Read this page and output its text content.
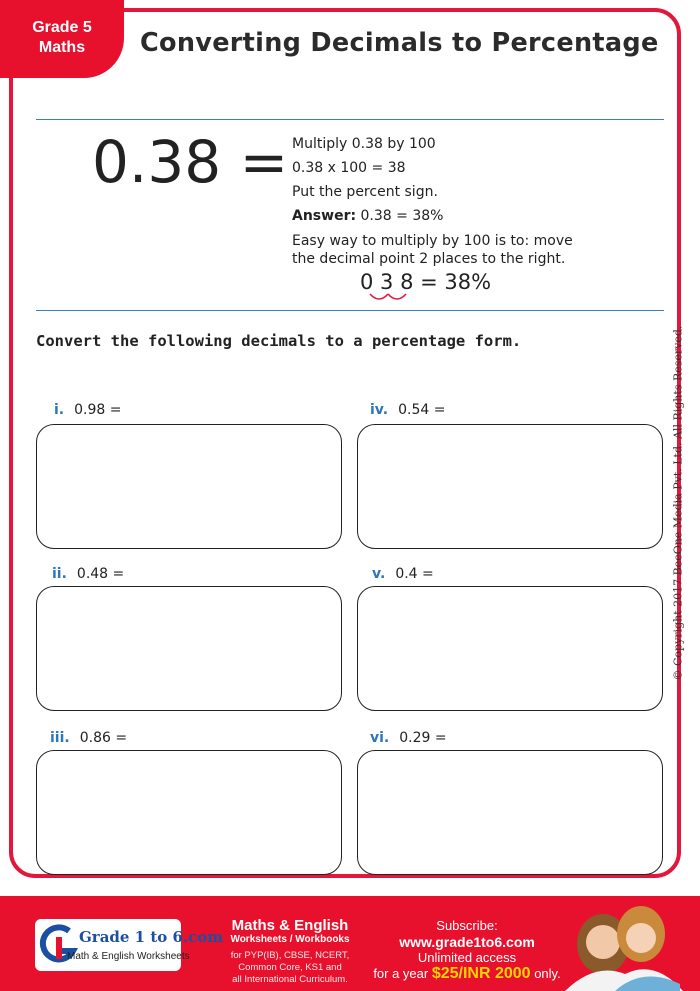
Grade 5
Maths	Converting Decimals to Percentage
0.38 = Multiply 0.38 by 100
0.38 x 100 = 38
Put the percent sign.
Answer: 0.38 = 38%
Easy way to multiply by 100 is to: move
the decimal point 2 places to the right.
0 3 8 = 38%
Convert the following decimals to a percentage form.
i. 0.98 =	iv. 0.54 =
ii. 0.48 =	v. 0.4 =
iii. 0.86 =	vi. 0.29 =
© Copyright 2017 BeeOne Media Pvt. Ltd. All Rights Reserved.
Grade 1 to 6.com
Math & English Worksheets
Maths & English
Worksheets / Workbooks
for PYP(IB), CBSE, NCERT,
Common Core, KS1 and
all International Curriculum.
Subscribe:
www.grade1to6.com
Unlimited access
for a year $25/INR 2000 only.
